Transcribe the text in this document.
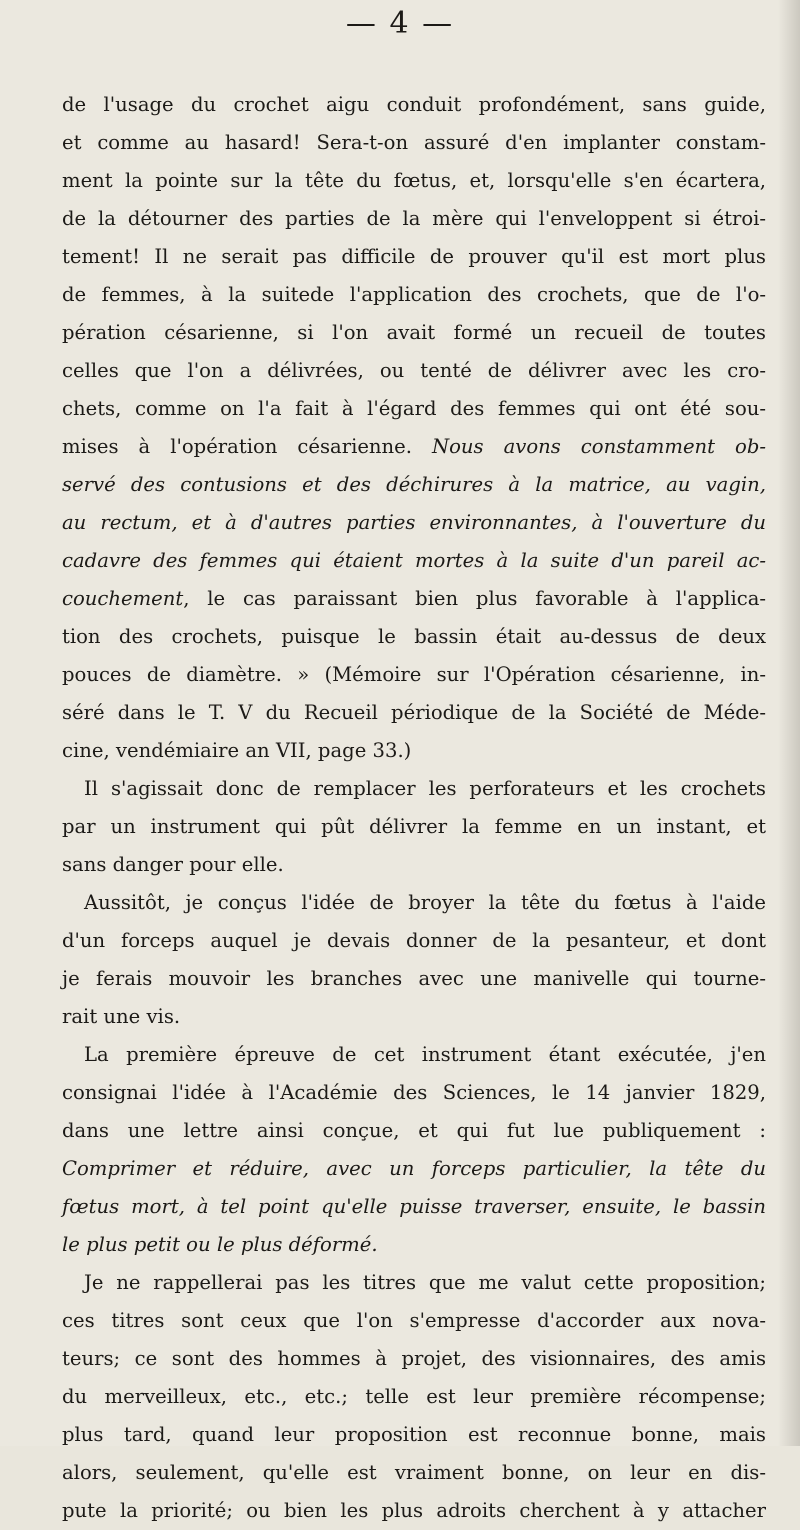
— 4 —
de l'usage du crochet aigu conduit profondément, sans guide,
et comme au hasard! Sera-t-on assuré d'en implanter constam-
ment la pointe sur la tête du fœtus, et, lorsqu'elle s'en écartera,
de la détourner des parties de la mère qui l'enveloppent si étroi-
tement! Il ne serait pas difficile de prouver qu'il est mort plus
de femmes, à la suitede l'application des crochets, que de l'o-
pération césarienne, si l'on avait formé un recueil de toutes
celles que l'on a délivrées, ou tenté de délivrer avec les cro-
chets, comme on l'a fait à l'égard des femmes qui ont été sou-
mises à l'opération césarienne. Nous avons constamment ob-
servé des contusions et des déchirures à la matrice, au vagin,
au rectum, et à d'autres parties environnantes, à l'ouverture du
cadavre des femmes qui étaient mortes à la suite d'un pareil ac-
couchement, le cas paraissant bien plus favorable à l'applica-
tion des crochets, puisque le bassin était au-dessus de deux
pouces de diamètre. » (Mémoire sur l'Opération césarienne, in-
séré dans le T. V du Recueil périodique de la Société de Méde-
cine, vendémiaire an VII, page 33.)
Il s'agissait donc de remplacer les perforateurs et les crochets
par un instrument qui pût délivrer la femme en un instant, et
sans danger pour elle.
Aussitôt, je conçus l'idée de broyer la tête du fœtus à l'aide
d'un forceps auquel je devais donner de la pesanteur, et dont
je ferais mouvoir les branches avec une manivelle qui tourne-
rait une vis.
La première épreuve de cet instrument étant exécutée, j'en
consignai l'idée à l'Académie des Sciences, le 14 janvier 1829,
dans une lettre ainsi conçue, et qui fut lue publiquement :
Comprimer et réduire, avec un forceps particulier, la tête du
fœtus mort, à tel point qu'elle puisse traverser, ensuite, le bassin
le plus petit ou le plus déformé.
Je ne rappellerai pas les titres que me valut cette proposition;
ces titres sont ceux que l'on s'empresse d'accorder aux nova-
teurs; ce sont des hommes à projet, des visionnaires, des amis
du merveilleux, etc., etc.; telle est leur première récompense;
plus tard, quand leur proposition est reconnue bonne, mais
alors, seulement, qu'elle est vraiment bonne, on leur en dis-
pute la priorité; ou bien les plus adroits cherchent à y attacher
